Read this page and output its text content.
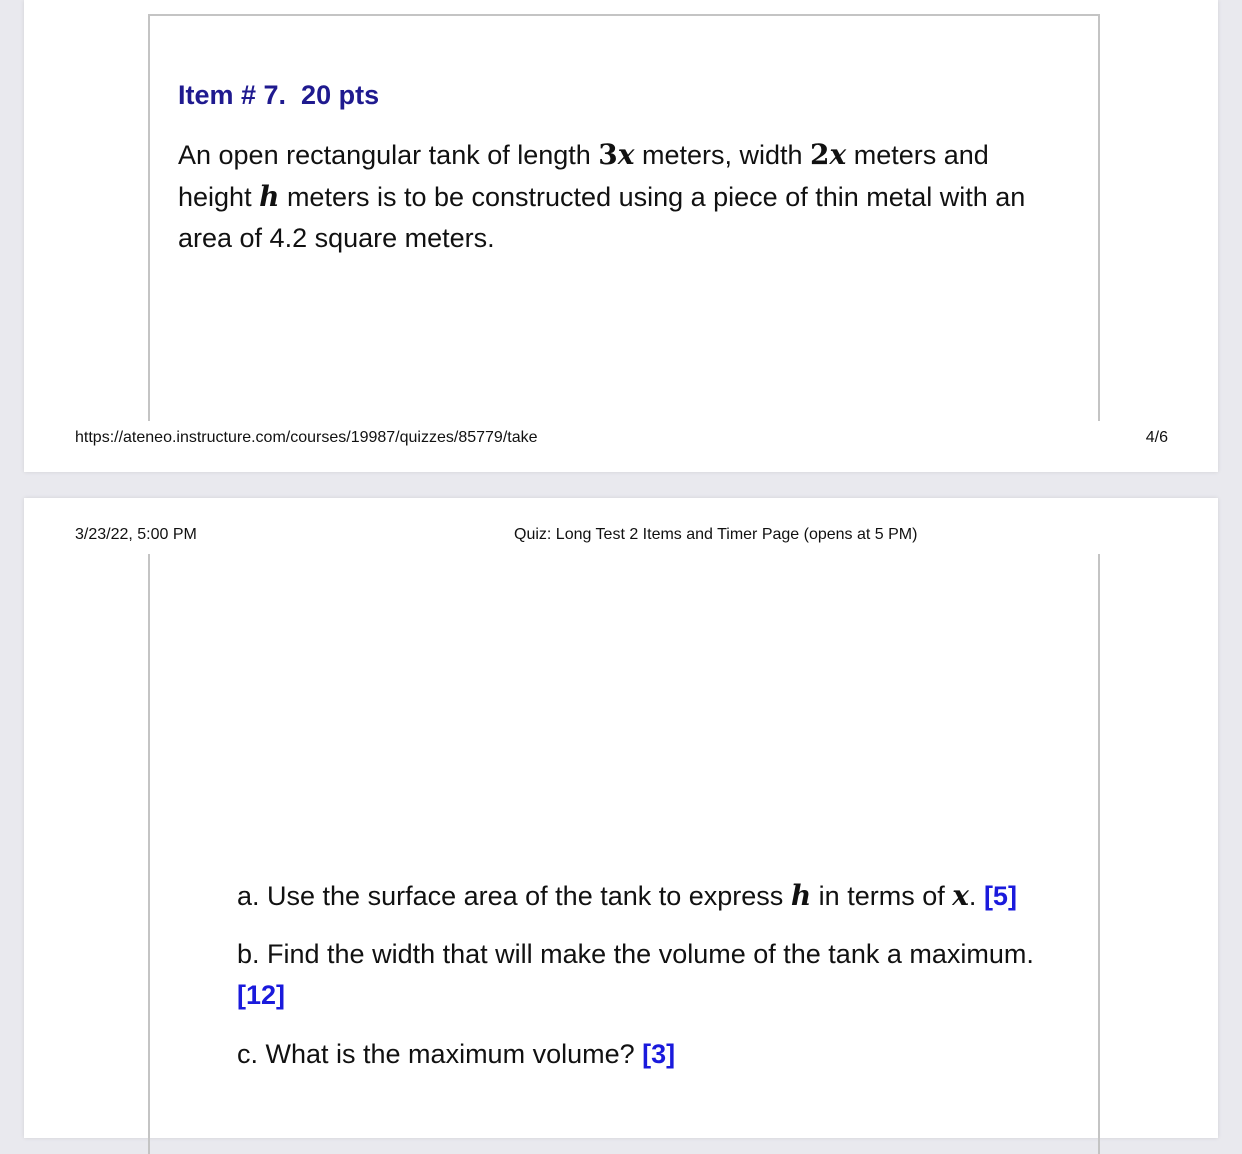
Item # 7.  20 pts

An open rectangular tank of length 3x meters, width 2x meters and height h meters is to be constructed using a piece of thin metal with an area of 4.2 square meters.

https://ateneo.instructure.com/courses/19987/quizzes/85779/take	4/6
3/23/22, 5:00 PM	Quiz: Long Test 2 Items and Timer Page (opens at 5 PM)

a. Use the surface area of the tank to express h in terms of x. [5]

b. Find the width that will make the volume of the tank a maximum.
[12]

c. What is the maximum volume? [3]
